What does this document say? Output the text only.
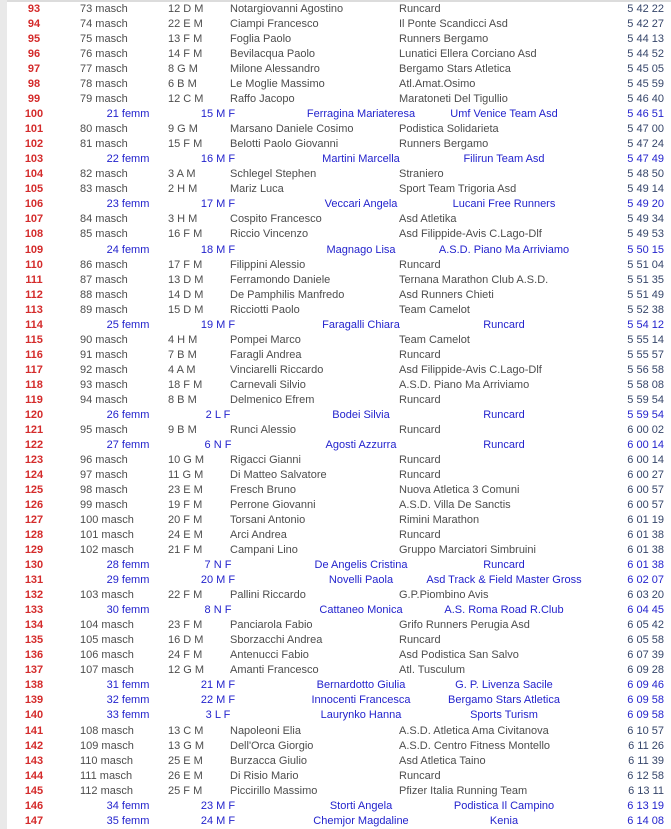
93	73 masch	12 D M	Notargiovanni Agostino	Runcard	5 42 22
94	74 masch	22 E M	Ciampi Francesco	Il Ponte Scandicci Asd	5 42 27
95	75 masch	13 F M	Foglia Paolo	Runners Bergamo	5 44 13
96	76 masch	14 F M	Bevilacqua Paolo	Lunatici Ellera Corciano Asd	5 44 52
97	77 masch	8 G M	Milone Alessandro	Bergamo Stars Atletica	5 45 05
98	78 masch	6 B M	Le Moglie Massimo	Atl.Amat.Osimo	5 45 59
99	79 masch	12 C M	Raffo Jacopo	Maratoneti Del Tigullio	5 46 40
100	21 femm	15 M F	Ferragina Mariateresa	Umf Venice Team Asd	5 46 51
101	80 masch	9 G M	Marsano Daniele Cosimo	Podistica Solidarieta	5 47 00
102	81 masch	15 F M	Belotti Paolo Giovanni	Runners Bergamo	5 47 24
103	22 femm	16 M F	Martini Marcella	Filirun Team Asd	5 47 49
104	82 masch	3 A M	Schlegel Stephen	Straniero	5 48 50
105	83 masch	2 H M	Mariz Luca	Sport Team Trigoria Asd	5 49 14
106	23 femm	17 M F	Veccari Angela	Lucani Free Runners	5 49 20
107	84 masch	3 H M	Cospito Francesco	Asd Atletika	5 49 34
108	85 masch	16 F M	Riccio Vincenzo	Asd Filippide-Avis C.Lago-Dlf	5 49 53
109	24 femm	18 M F	Magnago Lisa	A.S.D. Piano Ma Arriviamo	5 50 15
110	86 masch	17 F M	Filippini Alessio	Runcard	5 51 04
111	87 masch	13 D M	Ferramondo Daniele	Ternana Marathon Club A.S.D.	5 51 35
112	88 masch	14 D M	De Pamphilis Manfredo	Asd Runners Chieti	5 51 49
113	89 masch	15 D M	Ricciotti Paolo	Team Camelot	5 52 38
114	25 femm	19 M F	Faragalli Chiara	Runcard	5 54 12
115	90 masch	4 H M	Pompei Marco	Team Camelot	5 55 14
116	91 masch	7 B M	Faragli Andrea	Runcard	5 55 57
117	92 masch	4 A M	Vinciarelli Riccardo	Asd Filippide-Avis C.Lago-Dlf	5 56 58
118	93 masch	18 F M	Carnevali Silvio	A.S.D. Piano Ma Arriviamo	5 58 08
119	94 masch	8 B M	Delmenico Efrem	Runcard	5 59 54
120	26 femm	2 L F	Bodei Silvia	Runcard	5 59 54
121	95 masch	9 B M	Runci Alessio	Runcard	6 00 02
122	27 femm	6 N F	Agosti Azzurra	Runcard	6 00 14
123	96 masch	10 G M	Rigacci Gianni	Runcard	6 00 14
124	97 masch	11 G M	Di Matteo Salvatore	Runcard	6 00 27
125	98 masch	23 E M	Fresch Bruno	Nuova Atletica 3 Comuni	6 00 57
126	99 masch	19 F M	Perrone Giovanni	A.S.D. Villa De Sanctis	6 00 57
127	100 masch	20 F M	Torsani Antonio	Rimini Marathon	6 01 19
128	101 masch	24 E M	Arci Andrea	Runcard	6 01 38
129	102 masch	21 F M	Campani Lino	Gruppo Marciatori Simbruini	6 01 38
130	28 femm	7 N F	De Angelis Cristina	Runcard	6 01 38
131	29 femm	20 M F	Novelli Paola	Asd Track & Field Master Gross	6 02 07
132	103 masch	22 F M	Pallini Riccardo	G.P.Piombino Avis	6 03 20
133	30 femm	8 N F	Cattaneo Monica	A.S. Roma Road R.Club	6 04 45
134	104 masch	23 F M	Panciarola Fabio	Grifo Runners Perugia Asd	6 05 42
135	105 masch	16 D M	Sborzacchi Andrea	Runcard	6 05 58
136	106 masch	24 F M	Antenucci Fabio	Asd Podistica San Salvo	6 07 39
137	107 masch	12 G M	Amanti Francesco	Atl. Tusculum	6 09 28
138	31 femm	21 M F	Bernardotto Giulia	G. P. Livenza Sacile	6 09 46
139	32 femm	22 M F	Innocenti Francesca	Bergamo Stars Atletica	6 09 58
140	33 femm	3 L F	Laurynko Hanna	Sports Turism	6 09 58
141	108 masch	13 C M	Napoleoni Elia	A.S.D. Atletica Ama Civitanova	6 10 57
142	109 masch	13 G M	Dell'Orca Giorgio	A.S.D. Centro Fitness Montello	6 11 26
143	110 masch	25 E M	Burzacca Giulio	Asd Atletica Taino	6 11 39
144	111 masch	26 E M	Di Risio Mario	Runcard	6 12 58
145	112 masch	25 F M	Piccirillo Massimo	Pfizer Italia Running Team	6 13 11
146	34 femm	23 M F	Storti Angela	Podistica Il Campino	6 13 19
147	35 femm	24 M F	Chemjor Magdaline	Kenia	6 14 08
